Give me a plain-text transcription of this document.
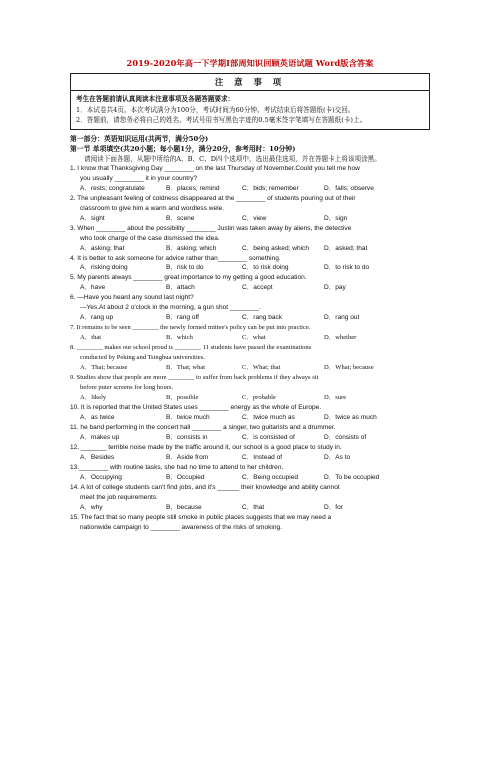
2019-2020年高一下学期Ⅰ部周知识回顾英语试题 Word版含答案
注 意 事 项

考生在答题前请认真阅读本注意事项及各题答题要求：

1．本试卷共4页。本次考试满分为100分，考试时间为60分钟。考试结束后将答题纸(卡)交回。

2．答题前，请您务必将自己的姓名、考试号用书写黑色字迹的0.5毫米签字笔填写在答题纸(卡)上。

第一部分：英语知识运用(共两节，满分50分)
第一节 单项填空(共20小题；每小题1分，满分20分，参考用时：10分钟)

请阅读下面各题，从题中所给的A、B、C、D四个选项中，选出最佳选项，并在答题卡上将该项涂黑。

1. I know that Thanksgiving Day ________ on the last Thursday of November.Could you tell me how
you usually ________ it in your country?

A．rests; congratulate	B．places; remind	C．bids; remember	D．falls; observe

2. The unpleasant feeling of coldness disappeared at the ________ of students pouring out of their
classroom to give him a warm and wordless wele.

A．sight	B．scene	C．view	D．sign

3. When ________ about the possibility ________ Justin was taken away by aliens, the detective
who took charge of the case dismissed the idea.

A．asking; that	B．asking; which	C．being asked; which	D．asked; that

4. It is better to ask someone for advice rather than________ something.

A．risking doing	B．risk to do	C．to risk doing	D．to risk to do

5. My parents always ________ great importance to my getting a good education.

A．have	B．attach	C．accept	D．pay

6. —Have you heard any sound last night?
—Yes.At about 2 o'clock in the morning, a gun shot ________.

A．rang up	B．rang off	C．rang back	D．rang out

7. It remains to be seen ________ the newly formed mittee's policy can be put into practice.

A．that	B．which	C．what	D．whether

8. ________ makes our school proud is ________ 11 students have passed the examinations
conducted by Peking and Tsinghua universities.

A．That; because	B．That; what	C．What; that	D．What; because

9. Studies show that people are more ________ to suffer from back problems if they always sit
before puter screens for long hours.

A．likely	B．possible	C．probable	D．sure

10. It is reported that the United States uses ________ energy as the whole of Europe.

A．as twice	B．twice much	C．twice much as	D．twice as much

11. he band performing in the concert hall ________ a singer, two guitarists and a drummer.

A．makes up	B．consists in	C．is consisted of	D．consists of

12. _______ terrible noise made by the traffic around it, our school is a good place to study in.

A．Besides	B．Aside from	C．Instead of	D．As to

13.________ with routine tasks, she had no time to attend to her children.

A．Occupying	B．Occupied	C．Being occupied	D．To be occupied

14. A lot of college students can't find jobs, and it's ______ their knowledge and ability cannot
meet the job requirements.

A．why	B．because	C．that	D．for

15. The fact that so many people still smoke in public places suggests that we may need a
nationwide campaign to ________ awareness of the risks of smoking.
